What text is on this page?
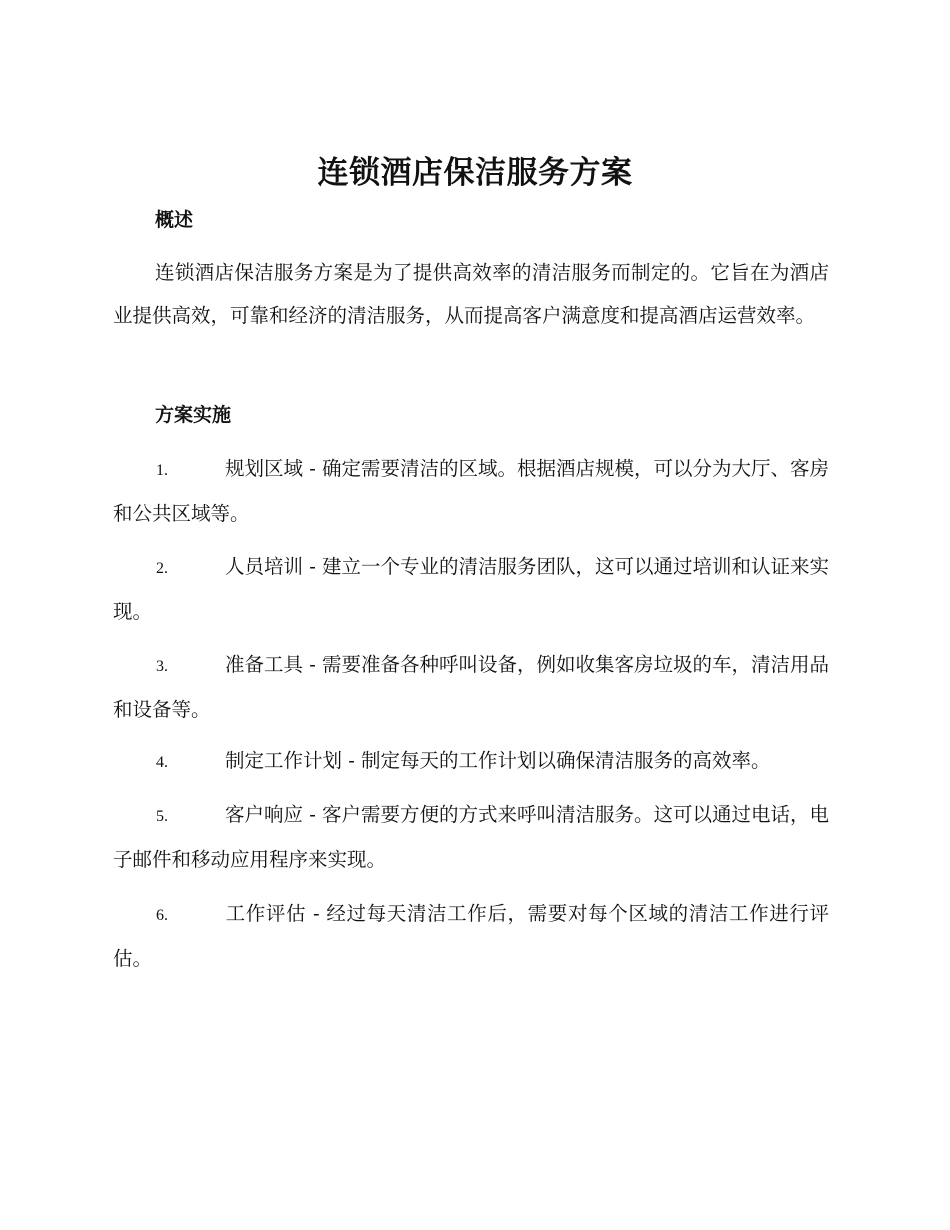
连锁酒店保洁服务方案
概述
连锁酒店保洁服务方案是为了提供高效率的清洁服务而制定的。它旨在为酒店业提供高效，可靠和经济的清洁服务，从而提高客户满意度和提高酒店运营效率。
方案实施
1.	规划区域 - 确定需要清洁的区域。根据酒店规模，可以分为大厅、客房和公共区域等。
2.	人员培训 - 建立一个专业的清洁服务团队，这可以通过培训和认证来实现。
3.	准备工具 - 需要准备各种呼叫设备，例如收集客房垃圾的车，清洁用品和设备等。
4.	制定工作计划 - 制定每天的工作计划以确保清洁服务的高效率。
5.	客户响应 - 客户需要方便的方式来呼叫清洁服务。这可以通过电话，电子邮件和移动应用程序来实现。
6.	工作评估 - 经过每天清洁工作后，需要对每个区域的清洁工作进行评估。
